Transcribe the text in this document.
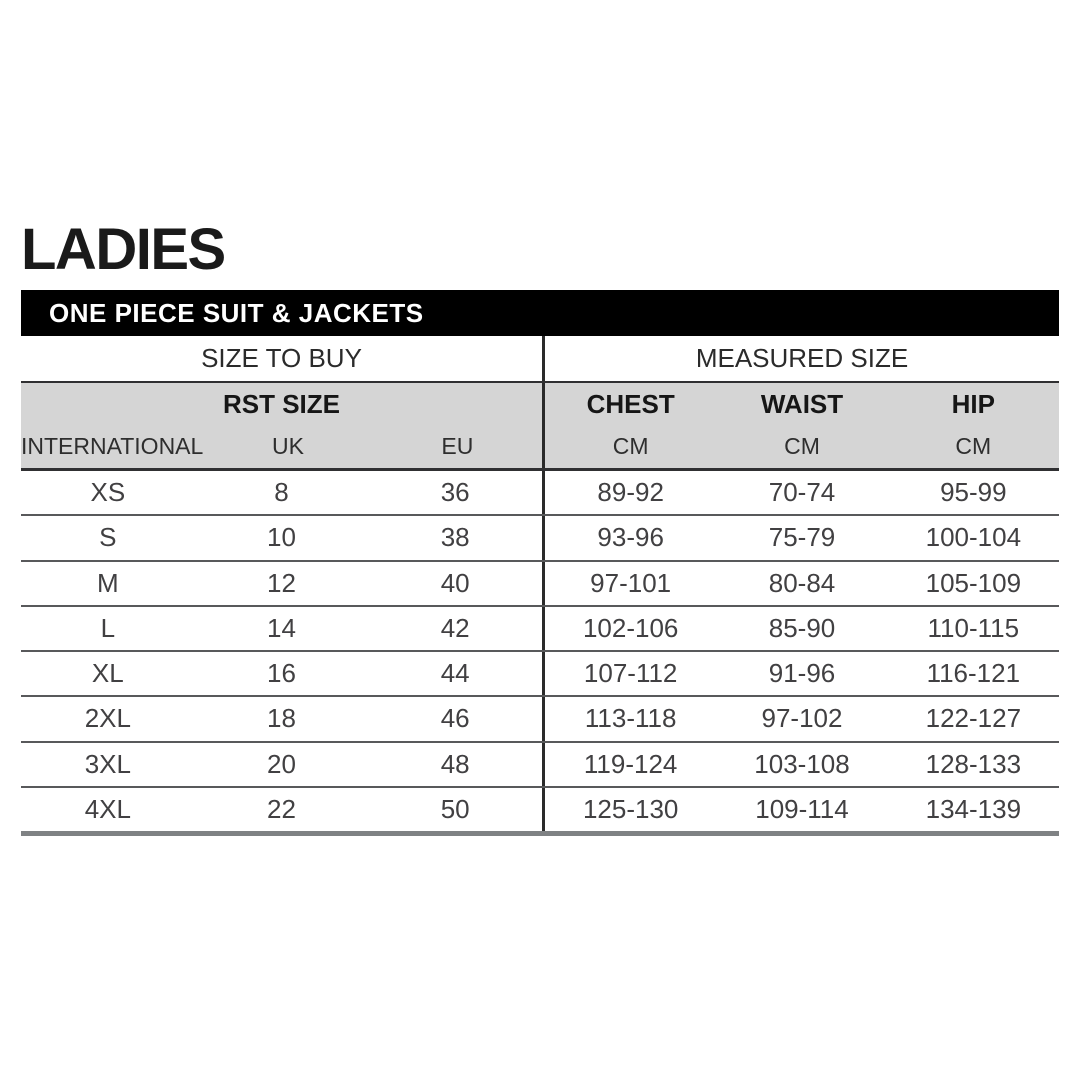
LADIES
ONE PIECE SUIT & JACKETS
SIZE TO BUY	MEASURED SIZE
RST SIZE
INTERNATIONAL	UK	EU
CHEST	WAIST	HIP
CM	CM	CM
XS	8	36	89-92	70-74	95-99
S	10	38	93-96	75-79	100-104
M	12	40	97-101	80-84	105-109
L	14	42	102-106	85-90	110-115
XL	16	44	107-112	91-96	116-121
2XL	18	46	113-118	97-102	122-127
3XL	20	48	119-124	103-108	128-133
4XL	22	50	125-130	109-114	134-139
